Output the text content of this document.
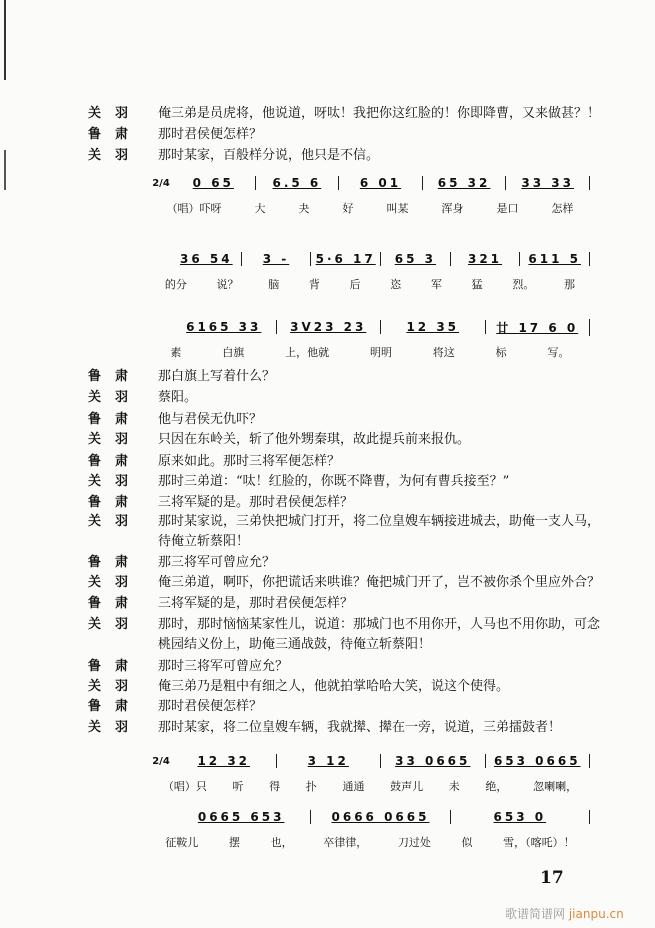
关羽 俺三弟是员虎将，他说道，呀呔！我把你这红脸的！你即降曹，又来做甚？！
鲁肃 那时君侯便怎样？
关羽 那时某家，百般样分说，他只是不信。
2/4	0 65	6.5 6	6 01	65 32	33 33
（唱）吓呀	大	夬	好	叫某	浑身	是口	怎样
36 54	3 -	5·6 17	65 3	321	611 5
的分	说？	脑	背	后	恣	军	猛	烈。	那
6165 33	3V23 23	12 35	廿 17 6 0
素	白旗	上，他就	明明	将这	标	写。
鲁肃 那白旗上写着什么？
关羽 蔡阳。
鲁肃 他与君侯无仇吓？
关羽 只因在东岭关，斩了他外甥秦琪，故此提兵前来报仇。
鲁肃 原来如此。那时三将军便怎样？
关羽 那时三弟道：“呔！红脸的，你既不降曹，为何有曹兵接至？”
鲁肃 三将军疑的是。那时君侯便怎样？
关羽 那时某家说，三弟快把城门打开，将二位皇嫂车辆接进城去，助俺一支人马，
待俺立斩蔡阳！
鲁肃 那三将军可曾应允？
关羽 俺三弟道，啊吓，你把谎话来哄谁？俺把城门开了，岂不被你杀个里应外合？
鲁肃 三将军疑的是，那时君侯便怎样？
关羽 那时，那时恼恼某家性儿，说道：那城门也不用你开，人马也不用你助，可念
桃园结义份上，助俺三通战鼓，待俺立斩蔡阳！
鲁肃 那时三将军可曾应允？
关羽 俺三弟乃是粗中有细之人，他就拍掌哈哈大笑，说这个使得。
鲁肃 那时君侯便怎样？
关羽 那时某家，将二位皇嫂车辆，我就撵、撵在一旁，说道，三弟擂鼓者！
2/4	12 32	3 12	33 0665	653 0665
（唱）只 听 得 扑 通通 鼓声儿 未 绝， 忽喇喇，
0665 653	0666 0665	653 0
征鞍儿	摆	也，	卒律律，	刀过处	似	雪，（喀吒）！
17
歌谱简谱网 jianpu.cn
